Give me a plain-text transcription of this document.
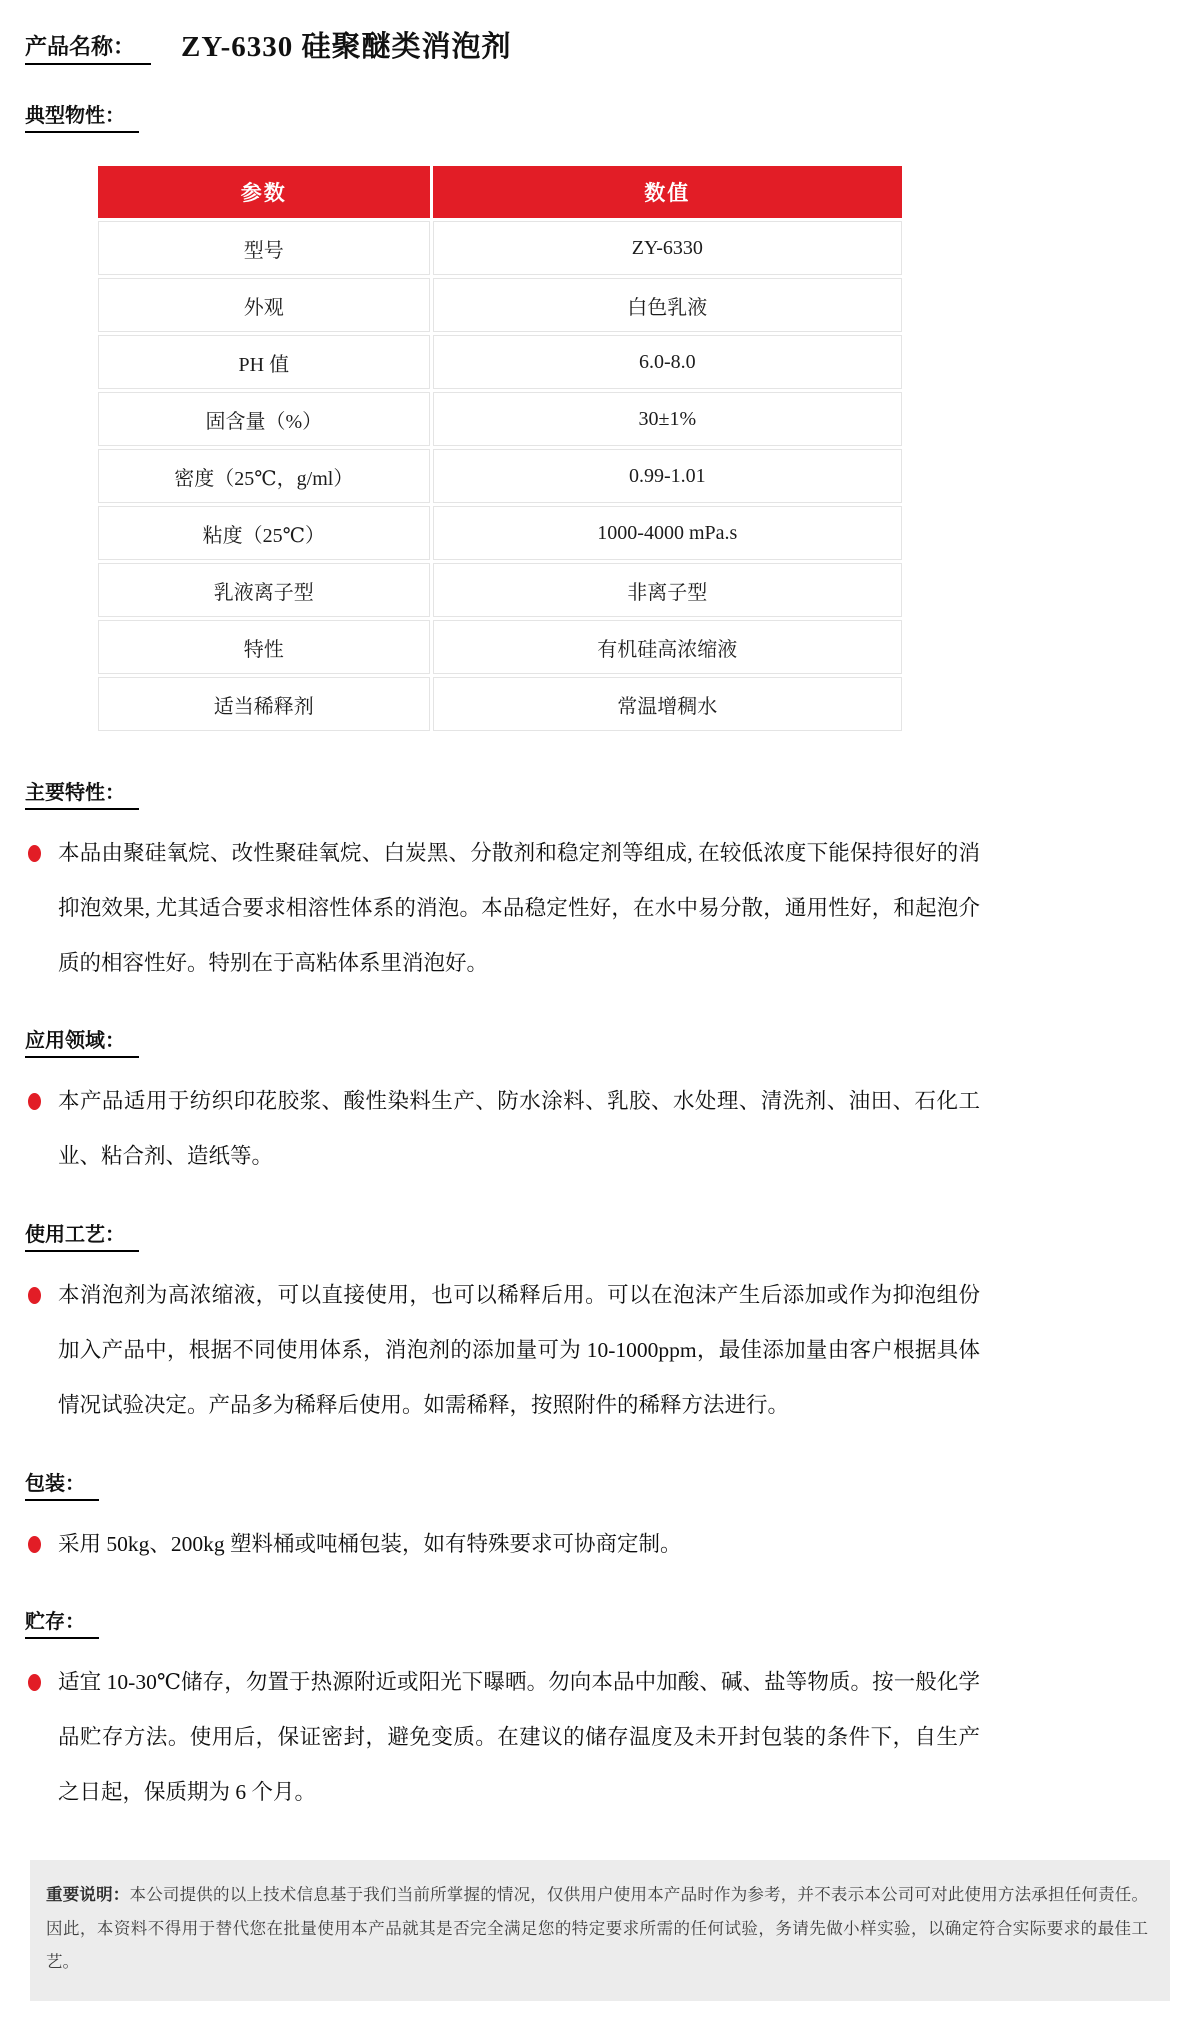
产品名称： ZY-6330 硅聚醚类消泡剂
典型物性：
参数	数值
型号	ZY-6330
外观	白色乳液
PH 值	6.0-8.0
固含量（%）	30±1%
密度（25℃，g/ml）	0.99-1.01
粘度（25℃）	1000-4000 mPa.s
乳液离子型	非离子型
特性	有机硅高浓缩液
适当稀释剂	常温增稠水
主要特性：

本品由聚硅氧烷、改性聚硅氧烷、白炭黑、分散剂和稳定剂等组成, 在较低浓度下能保持很好的消抑泡效果, 尤其适合要求相溶性体系的消泡。本品稳定性好，在水中易分散，通用性好，和起泡介质的相容性好。特别在于高粘体系里消泡好。

应用领域：

本产品适用于纺织印花胶浆、酸性染料生产、防水涂料、乳胶、水处理、清洗剂、油田、石化工业、粘合剂、造纸等。

使用工艺：

本消泡剂为高浓缩液，可以直接使用，也可以稀释后用。可以在泡沫产生后添加或作为抑泡组份加入产品中，根据不同使用体系，消泡剂的添加量可为 10-1000ppm，最佳添加量由客户根据具体情况试验决定。产品多为稀释后使用。如需稀释，按照附件的稀释方法进行。

包装：

采用 50kg、200kg 塑料桶或吨桶包装，如有特殊要求可协商定制。

贮存：

适宜 10-30℃储存，勿置于热源附近或阳光下曝晒。勿向本品中加酸、碱、盐等物质。按一般化学品贮存方法。使用后，保证密封，避免变质。在建议的储存温度及未开封包装的条件下，自生产之日起，保质期为 6 个月。

重要说明：本公司提供的以上技术信息基于我们当前所掌握的情况，仅供用户使用本产品时作为参考，并不表示本公司可对此使用方法承担任何责任。因此，本资料不得用于替代您在批量使用本产品就其是否完全满足您的特定要求所需的任何试验，务请先做小样实验，以确定符合实际要求的最佳工艺。
